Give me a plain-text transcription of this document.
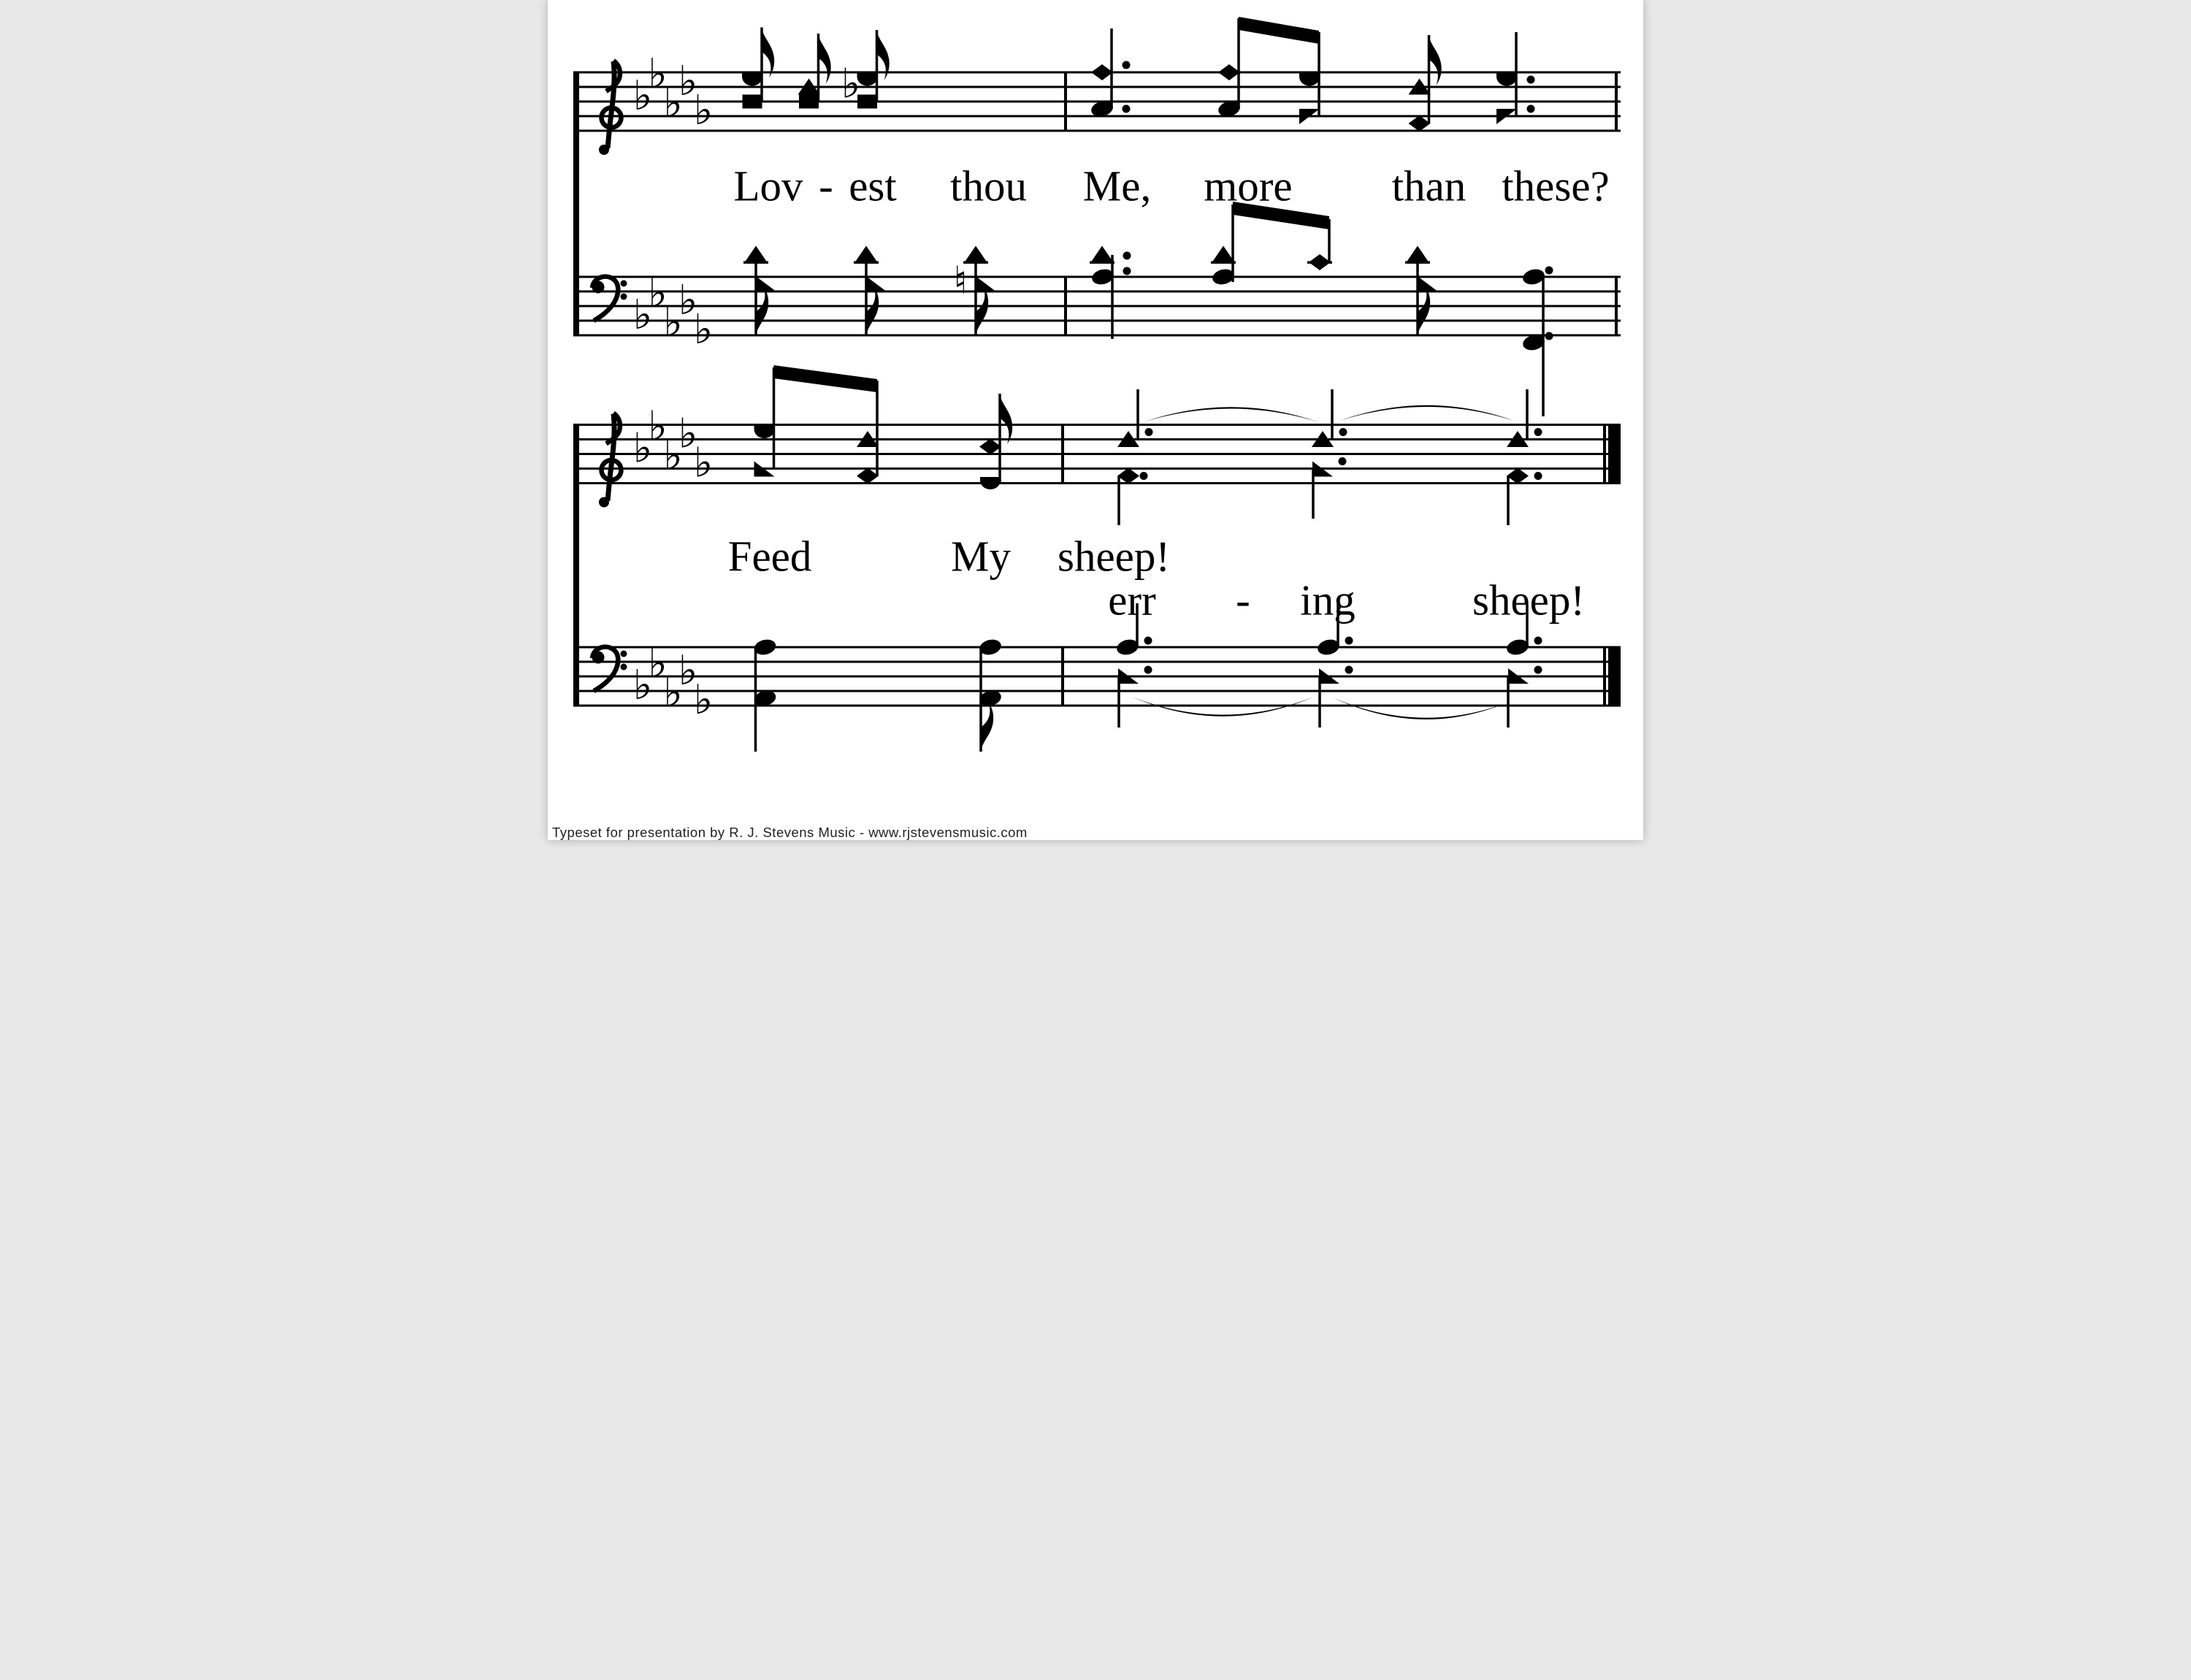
♭
♭
♭
♭
♭
♭
♭
♭
♭
♭
♭
♭
♭
♭
♭
♭
♭
♭
♭
♭
♭
♮
Lov - est thou Me, more than these?
Feed My sheep!
err - ing sheep!
Typeset for presentation by R. J. Stevens Music - www.rjstevensmusic.com
